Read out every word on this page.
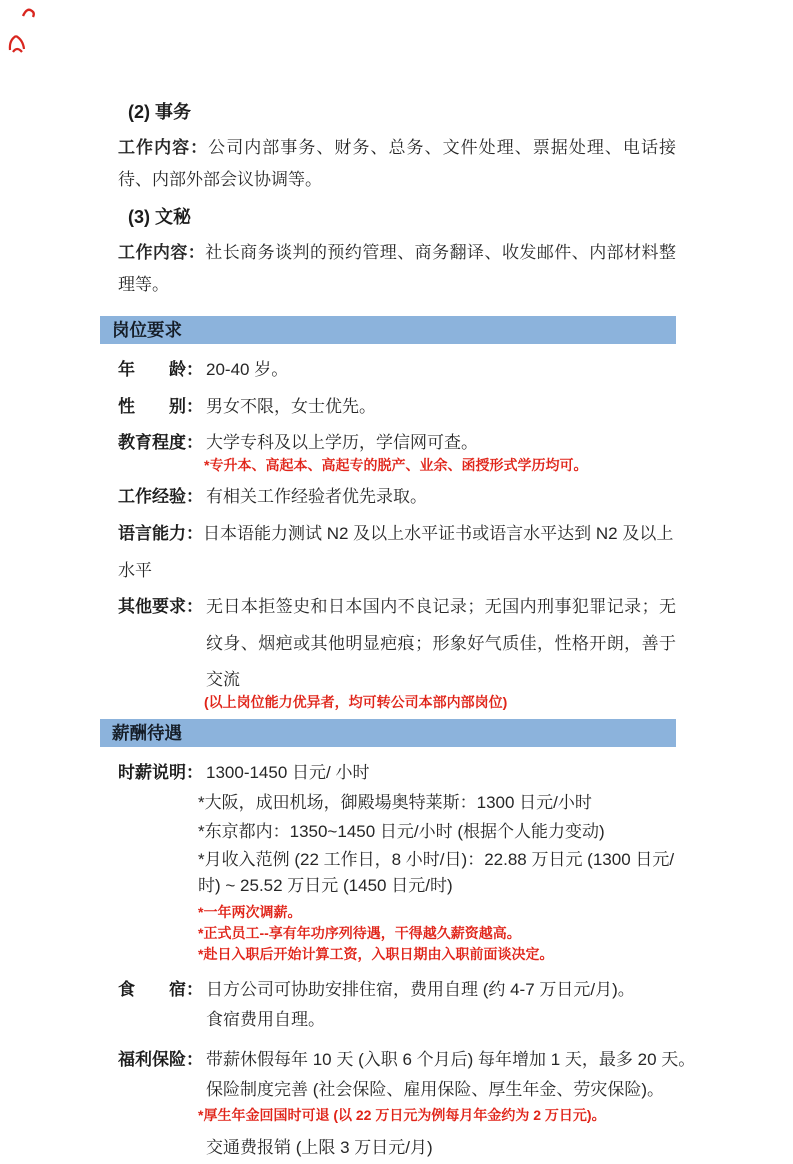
(2) 事务

工作内容：公司内部事务、财务、总务、文件处理、票据处理、电话接待、内部外部会议协调等。

(3) 文秘

工作内容：社长商务谈判的预约管理、商务翻译、收发邮件、内部材料整理等。

岗位要求
年　　龄： 20-40 岁。
性　　别： 男女不限，女士优先。
教育程度： 大学专科及以上学历，学信网可查。
*专升本、高起本、高起专的脱产、业余、函授形式学历均可。
工作经验： 有相关工作经验者优先录取。
语言能力：日本语能力测试 N2 及以上水平证书或语言水平达到 N2 及以上水平
其他要求： 无日本拒签史和日本国内不良记录；无国内刑事犯罪记录；无纹身、烟疤或其他明显疤痕；形象好气质佳，性格开朗，善于交流
(以上岗位能力优异者，均可转公司本部内部岗位)
薪酬待遇
时薪说明： 1300-1450 日元/ 小时
*大阪，成田机场，御殿場奥特莱斯：1300 日元/小时
*东京都内：1350~1450 日元/小时 (根据个人能力变动)
*月收入范例 (22 工作日，8 小时/日)：22.88 万日元 (1300 日元/时) ~ 25.52 万日元 (1450 日元/时)
*一年两次调薪。
*正式员工--享有年功序列待遇，干得越久薪资越高。
*赴日入职后开始计算工资，入职日期由入职前面谈决定。
食　　宿： 日方公司可协助安排住宿，费用自理 (约 4-7 万日元/月)。
食宿费用自理。
福利保险： 带薪休假每年 10 天 (入职 6 个月后) 每年增加 1 天，最多 20 天。
保险制度完善 (社会保险、雇用保险、厚生年金、劳灾保险)。
*厚生年金回国时可退 (以 22 万日元为例每月年金约为 2 万日元)。
交通费报销 (上限 3 万日元/月)
